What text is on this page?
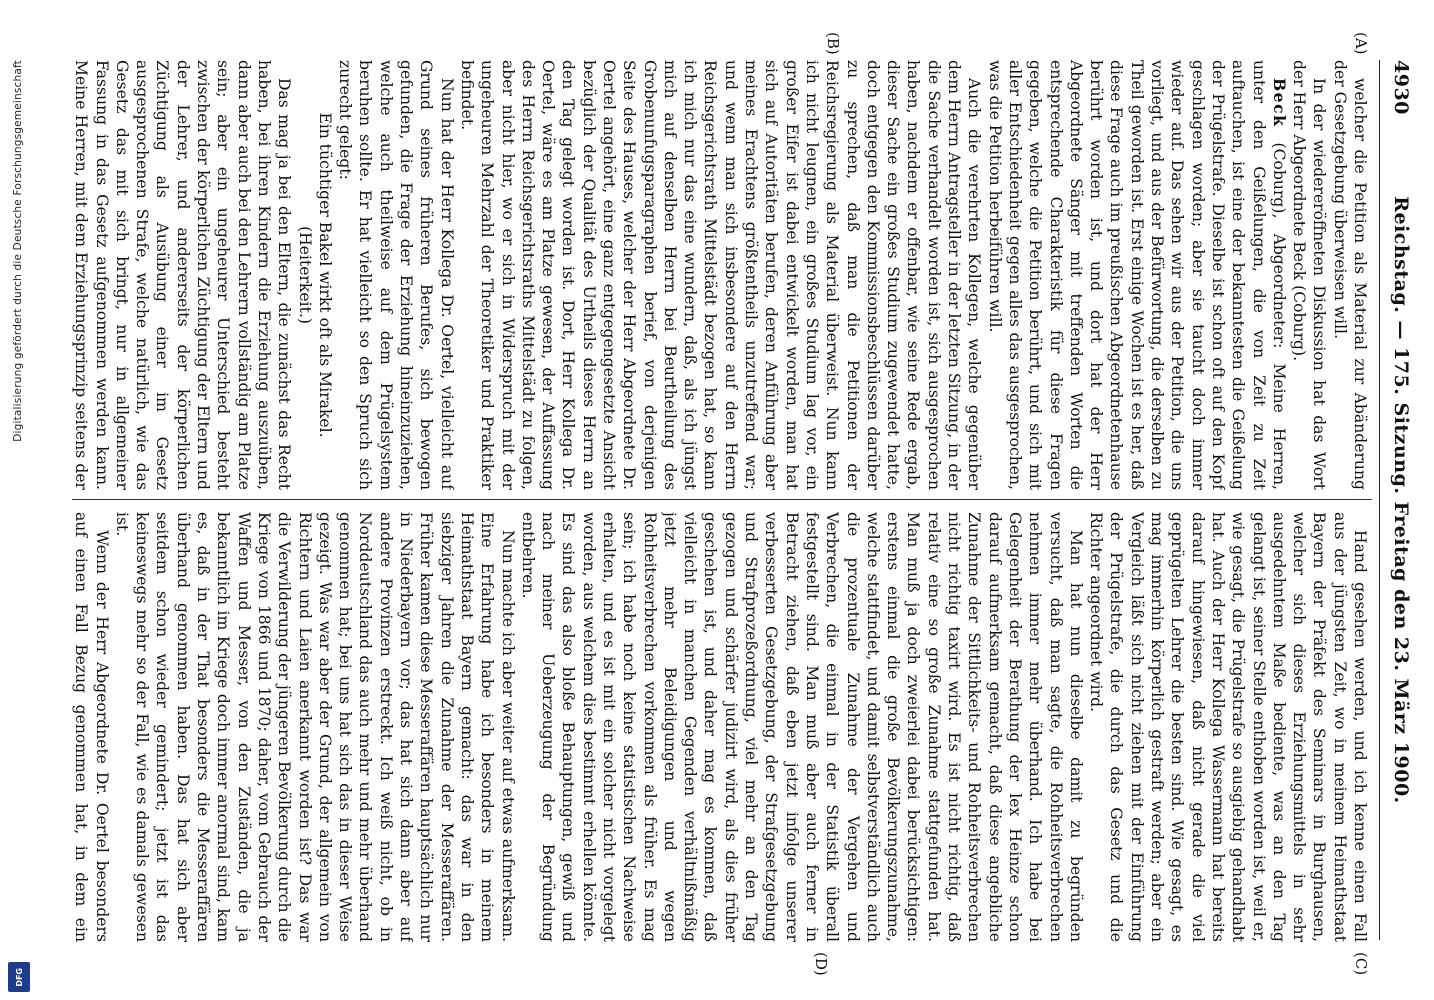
Digitalisierung gefördert durch die Deutsche Forschungsgemeinschaft
DFG
4930
Reichstag. — 175. Sitzung. Freitag den 23. März 1900.
(A)
(B)
(C)
(D)

welcher die Petition als Material zur Abänderung der Gesetzgebung überweisen will.

In der wiedereröffneten Diskussion hat das Wort der Herr Abgeordnete Beck (Coburg).

Beck (Coburg), Abgeordneter: Meine Herren, unter den Geißelungen, die von Zeit zu Zeit auftauchen, ist eine der bekanntesten die Geißelung der Prügelstrafe. Dieselbe ist schon oft auf den Kopf geschlagen worden; aber sie taucht doch immer wieder auf. Das sehen wir aus der Petition, die uns vorliegt, und aus der Befürwortung, die derselben zu Theil geworden ist. Erst einige Wochen ist es her, daß diese Frage auch im preußischen Abgeordnetenhause berührt worden ist, und dort hat der Herr Abgeordnete Sänger mit treffenden Worten die entsprechende Charakteristik für diese Fragen gegeben, welche die Petition berührt, und sich mit aller Entschiedenheit gegen alles das ausgesprochen, was die Petition herbeiführen will.

Auch die verehrten Kollegen, welche gegenüber dem Herrn Antragsteller in der letzten Sitzung, in der die Sache verhandelt worden ist, sich ausgesprochen haben, nachdem er offenbar, wie seine Rede ergab, dieser Sache ein großes Studium zugewendet hatte, doch entgegen den Kommissionsbeschlüssen darüber zu sprechen, daß man die Petitionen der Reichsregierung als Material überweist. Nun kann ich nicht leugnen, ein großes Studium lag vor, ein großer Eifer ist dabei entwickelt worden, man hat sich auf Autoritäten berufen, deren Anführung aber meines Erachtens größtentheils unzutreffend war; und wenn man sich insbesondere auf den Herrn Reichsgerichtsrath Mittelstädt bezogen hat, so kann ich mich nur das eine wundern, daß, als ich jüngst mich auf denselben Herrn bei Beurtheilung des Grobenunfugsparagraphen berief, von derjenigen Seite des Hauses, welcher der Herr Abgeordnete Dr. Oertel angehört, eine ganz entgegengesetzte Ansicht bezüglich der Qualität des Urtheils dieses Herrn an den Tag gelegt worden ist. Dort, Herr Kollega Dr. Oertel, wäre es am Platze gewesen, der Auffassung des Herrn Reichsgerichtsraths Mittelstädt zu folgen, aber nicht hier, wo er sich in Widerspruch mit der ungeheuren Mehrzahl der Theoretiker und Praktiker befindet.

Nun hat der Herr Kollega Dr. Oertel, vielleicht auf Grund seines früheren Berufes, sich bewogen gefunden, die Frage der Erziehung hineinzuziehen, welche auch theilweise auf dem Prügelsystem beruhen sollte. Er hat vielleicht so den Spruch sich zurecht gelegt:

Ein tüchtiger Bakel wirkt oft als Mirakel.

(Heiterkeit.)

Das mag ja bei den Eltern, die zunächst das Recht haben, bei ihren Kindern die Erziehung auszuüben, dann aber auch bei den Lehrern vollständig am Platze sein; aber ein ungeheurer Unterschied besteht zwischen der körperlichen Züchtigung der Eltern und der Lehrer, und andererseits der körperlichen Züchtigung als Ausübung einer im Gesetz ausgesprochenen Strafe, welche natürlich, wie das Gesetz das mit sich bringt, nur in allgemeiner Fassung in das Gesetz aufgenommen werden kann. Meine Herren, mit dem Erziehungsprinzip seitens der

Hand gesehen werden, und ich kenne einen Fall aus der jüngsten Zeit, wo in meinem Heimathstaat Bayern der Präfekt des Seminars in Burghausen, welcher sich dieses Erziehungsmittels in sehr ausgedehntem Maße bediente, was an den Tag gelangt ist, seiner Stelle enthoben worden ist, weil er, wie gesagt, die Prügelstrafe so ausgiebig gehandhabt hat. Auch der Herr Kollega Wassermann hat bereits darauf hingewiesen, daß nicht gerade die viel geprügelten Lehrer die besten sind. Wie gesagt, es mag immerhin körperlich gestraft werden; aber ein Vergleich läßt sich nicht ziehen mit der Einführung der Prügelstrafe, die durch das Gesetz und die Richter angeordnet wird.

Man hat nun dieselbe damit zu begründen versucht, daß man sagte, die Rohheitsverbrechen nehmen immer mehr überhand. Ich habe bei Gelegenheit der Berathung der lex Heinze schon darauf aufmerksam gemacht, daß diese angebliche Zunahme der Sittlichkeits- und Rohheitsverbrechen nicht richtig taxirt wird. Es ist nicht richtig, daß relativ eine so große Zunahme stattgefunden hat. Man muß ja doch zweierlei dabei berücksichtigen: erstens einmal die große Bevölkerungszunahme, welche stattfindet, und damit selbstverständlich auch die prozentuale Zunahme der Vergehen und Verbrechen, die einmal in der Statistik überall festgestellt sind. Man muß aber auch ferner in Betracht ziehen, daß eben jetzt infolge unserer verbesserten Gesetzgebung, der Strafgesetzgebung und Strafprozeßordnung, viel mehr an den Tag gezogen und schärfer judizirt wird, als dies früher geschehen ist, und daher mag es kommen, daß vielleicht in manchen Gegenden verhältnißmäßig jetzt mehr Beleidigungen und wegen Rohheitsverbrechen vorkommen als früher. Es mag sein; ich habe noch keine statistischen Nachweise erhalten, und es ist mit ein solcher nicht vorgelegt worden, aus welchem dies bestimmt erhellen könnte. Es sind das also bloße Behauptungen, gewiß und nach meiner Ueberzeugung der Begründung entbehren.

Nun machte ich aber weiter auf etwas aufmerksam. Eine Erfahrung habe ich besonders in meinem Heimathstaat Bayern gemacht: das war in den siebziger Jahren die Zunahme der Messeraffären. Früher kamen diese Messeraffären hauptsächlich nur in Niederbayern vor; das hat sich dann aber auf andere Provinzen erstreckt. Ich weiß nicht, ob in Norddeutschland das auch mehr und mehr überhand genommen hat; bei uns hat sich das in dieser Weise gezeigt. Was war aber der Grund, der allgemein von Richtern und Laien anerkannt worden ist? Das war die Verwilderung der jüngeren Bevölkerung durch die Kriege von 1866 und 1870; daher, vom Gebrauch der Waffen und Messer, von den Zuständen, die ja bekanntlich im Kriege doch immer anormal sind, kam es, daß in der That besonders die Messeraffären überhand genommen haben. Das hat sich aber seitdem schon wieder gemindert; jetzt ist das keineswegs mehr so der Fall, wie es damals gewesen ist.

Wenn der Herr Abgeordnete Dr. Oertel besonders auf einen Fall Bezug genommen hat, in dem ein
